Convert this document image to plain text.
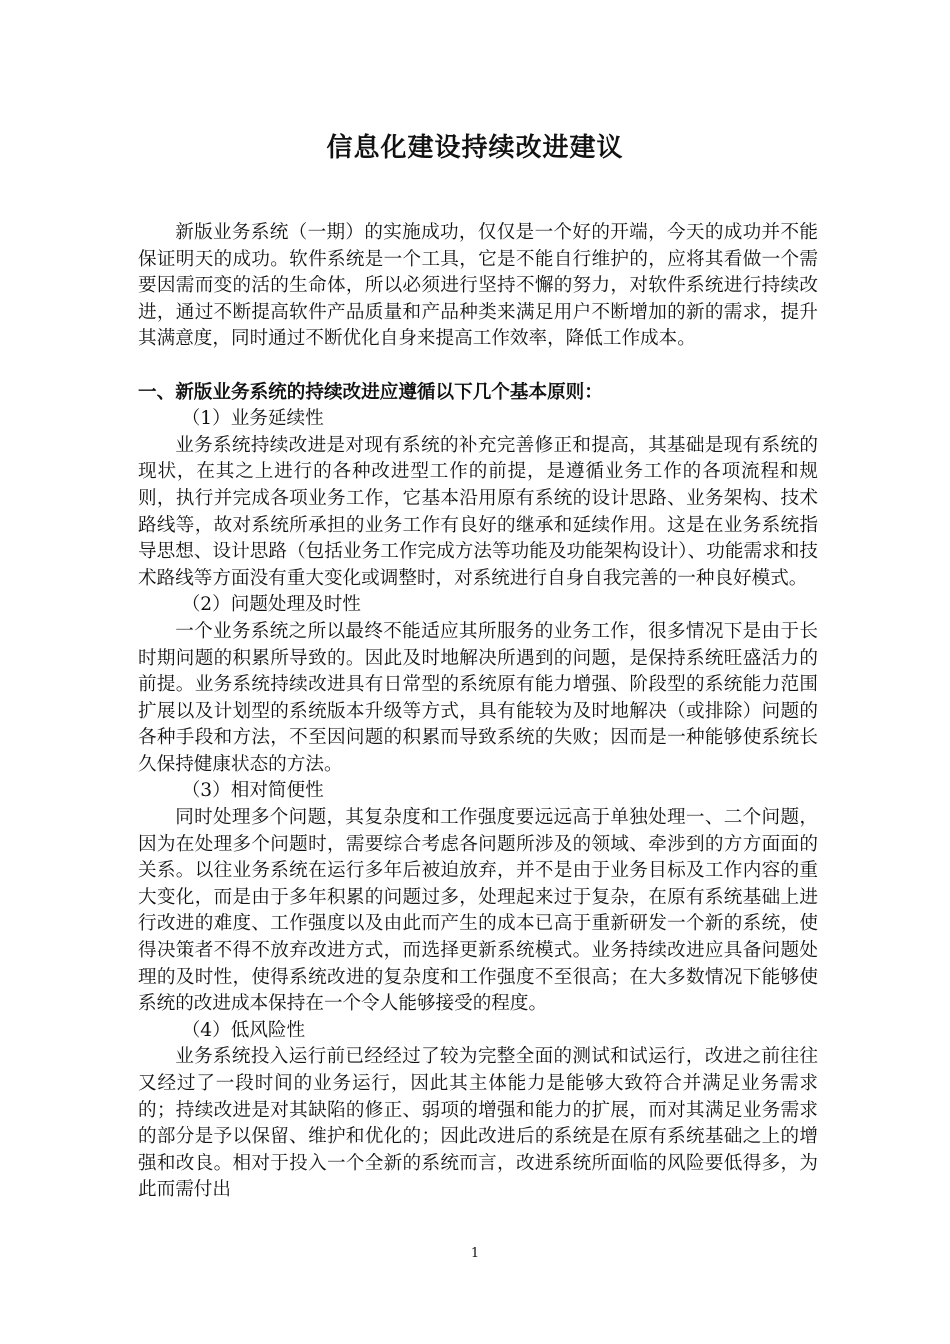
信息化建设持续改进建议

新版业务系统（一期）的实施成功，仅仅是一个好的开端，今天的成功并不能保证明天的成功。软件系统是一个工具，它是不能自行维护的，应将其看做一个需要因需而变的活的生命体，所以必须进行坚持不懈的努力，对软件系统进行持续改进，通过不断提高软件产品质量和产品种类来满足用户不断增加的新的需求，提升其满意度，同时通过不断优化自身来提高工作效率，降低工作成本。

一、新版业务系统的持续改进应遵循以下几个基本原则：

（1）业务延续性

业务系统持续改进是对现有系统的补充完善修正和提高，其基础是现有系统的现状，在其之上进行的各种改进型工作的前提，是遵循业务工作的各项流程和规则，执行并完成各项业务工作，它基本沿用原有系统的设计思路、业务架构、技术路线等，故对系统所承担的业务工作有良好的继承和延续作用。这是在业务系统指导思想、设计思路（包括业务工作完成方法等功能及功能架构设计）、功能需求和技术路线等方面没有重大变化或调整时，对系统进行自身自我完善的一种良好模式。

（2）问题处理及时性

一个业务系统之所以最终不能适应其所服务的业务工作，很多情况下是由于长时期问题的积累所导致的。因此及时地解决所遇到的问题，是保持系统旺盛活力的前提。业务系统持续改进具有日常型的系统原有能力增强、阶段型的系统能力范围扩展以及计划型的系统版本升级等方式，具有能较为及时地解决（或排除）问题的各种手段和方法，不至因问题的积累而导致系统的失败；因而是一种能够使系统长久保持健康状态的方法。

（3）相对简便性

同时处理多个问题，其复杂度和工作强度要远远高于单独处理一、二个问题，因为在处理多个问题时，需要综合考虑各问题所涉及的领域、牵涉到的方方面面的关系。以往业务系统在运行多年后被迫放弃，并不是由于业务目标及工作内容的重大变化，而是由于多年积累的问题过多，处理起来过于复杂，在原有系统基础上进行改进的难度、工作强度以及由此而产生的成本已高于重新研发一个新的系统，使得决策者不得不放弃改进方式，而选择更新系统模式。业务持续改进应具备问题处理的及时性，使得系统改进的复杂度和工作强度不至很高；在大多数情况下能够使系统的改进成本保持在一个令人能够接受的程度。

（4）低风险性

业务系统投入运行前已经经过了较为完整全面的测试和试运行，改进之前往往又经过了一段时间的业务运行，因此其主体能力是能够大致符合并满足业务需求的；持续改进是对其缺陷的修正、弱项的增强和能力的扩展，而对其满足业务需求的部分是予以保留、维护和优化的；因此改进后的系统是在原有系统基础之上的增强和改良。相对于投入一个全新的系统而言，改进系统所面临的风险要低得多，为此而需付出

1
